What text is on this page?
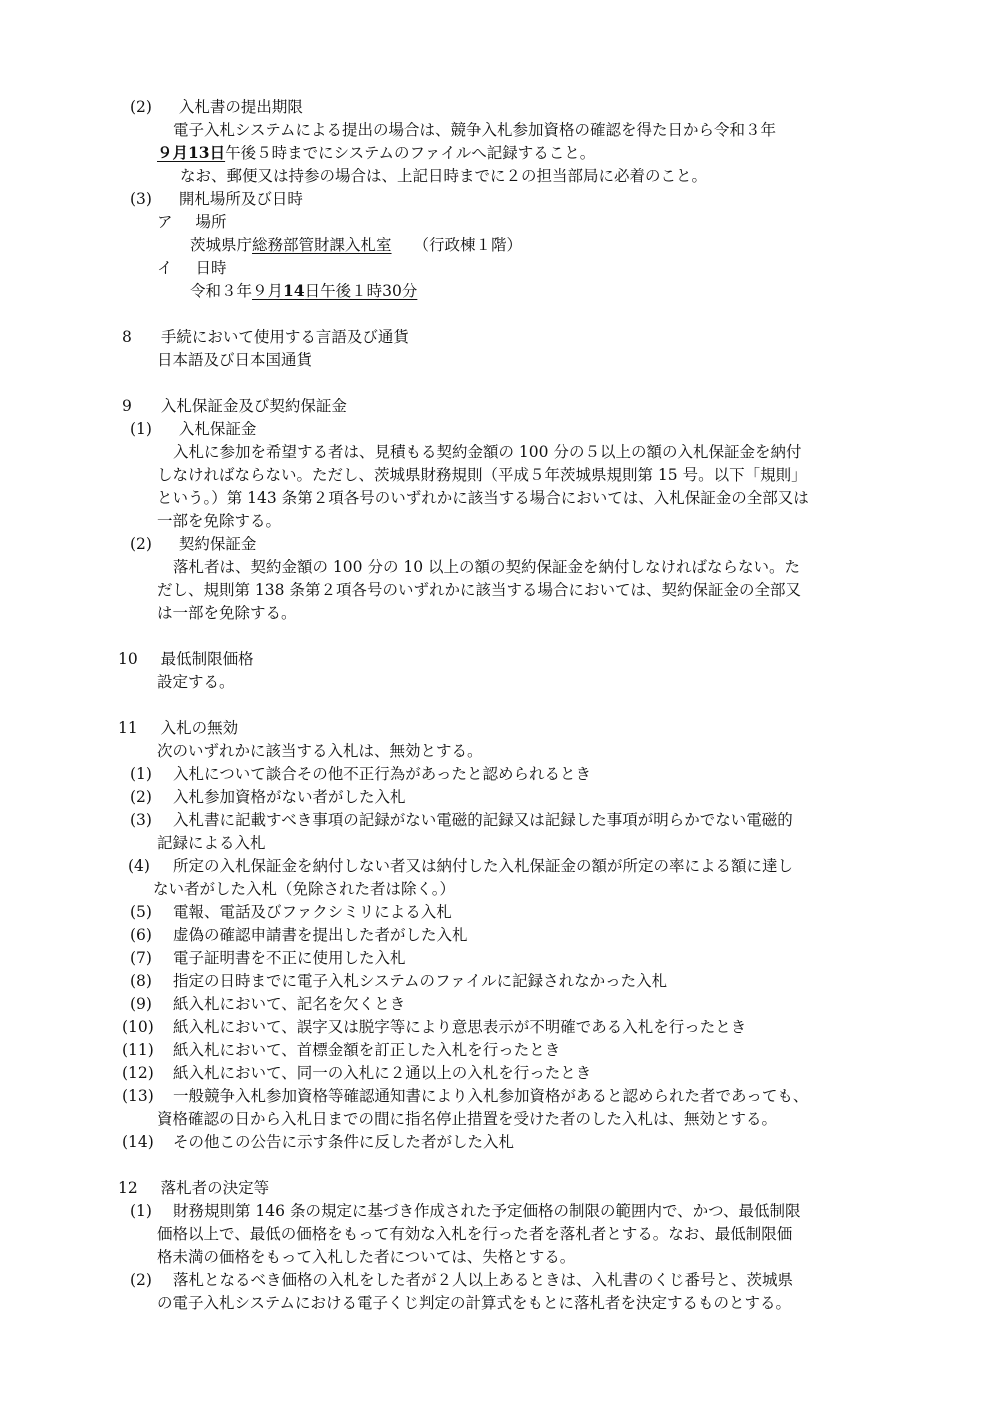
(2) 入札書の提出期限
電子入札システムによる提出の場合は、競争入札参加資格の確認を得た日から令和３年
９月13日午後５時までにシステムのファイルへ記録すること。
なお、郵便又は持参の場合は、上記日時までに２の担当部局に必着のこと。
(3) 開札場所及び日時
ア 場所
茨城県庁総務部管財課入札室 （行政棟１階）
イ 日時
令和３年９月14日午後１時30分
8 手続において使用する言語及び通貨
日本語及び日本国通貨
9 入札保証金及び契約保証金
(1) 入札保証金
入札に参加を希望する者は、見積もる契約金額の 100 分の５以上の額の入札保証金を納付
しなければならない。ただし、茨城県財務規則（平成５年茨城県規則第 15 号。以下「規則」
という。）第 143 条第２項各号のいずれかに該当する場合においては、入札保証金の全部又は
一部を免除する。
(2) 契約保証金
落札者は、契約金額の 100 分の 10 以上の額の契約保証金を納付しなければならない。た
だし、規則第 138 条第２項各号のいずれかに該当する場合においては、契約保証金の全部又
は一部を免除する。
10 最低制限価格
設定する。
11 入札の無効
次のいずれかに該当する入札は、無効とする。
(1) 入札について談合その他不正行為があったと認められるとき
(2) 入札参加資格がない者がした入札
(3) 入札書に記載すべき事項の記録がない電磁的記録又は記録した事項が明らかでない電磁的
記録による入札
(4) 所定の入札保証金を納付しない者又は納付した入札保証金の額が所定の率による額に達し
ない者がした入札（免除された者は除く。）
(5) 電報、電話及びファクシミリによる入札
(6) 虚偽の確認申請書を提出した者がした入札
(7) 電子証明書を不正に使用した入札
(8) 指定の日時までに電子入札システムのファイルに記録されなかった入札
(9) 紙入札において、記名を欠くとき
(10) 紙入札において、誤字又は脱字等により意思表示が不明確である入札を行ったとき
(11) 紙入札において、首標金額を訂正した入札を行ったとき
(12) 紙入札において、同一の入札に２通以上の入札を行ったとき
(13) 一般競争入札参加資格等確認通知書により入札参加資格があると認められた者であっても、
資格確認の日から入札日までの間に指名停止措置を受けた者のした入札は、無効とする。
(14) その他この公告に示す条件に反した者がした入札
12 落札者の決定等
(1) 財務規則第 146 条の規定に基づき作成された予定価格の制限の範囲内で、かつ、最低制限
価格以上で、最低の価格をもって有効な入札を行った者を落札者とする。なお、最低制限価
格未満の価格をもって入札した者については、失格とする。
(2) 落札となるべき価格の入札をした者が２人以上あるときは、入札書のくじ番号と、茨城県
の電子入札システムにおける電子くじ判定の計算式をもとに落札者を決定するものとする。
